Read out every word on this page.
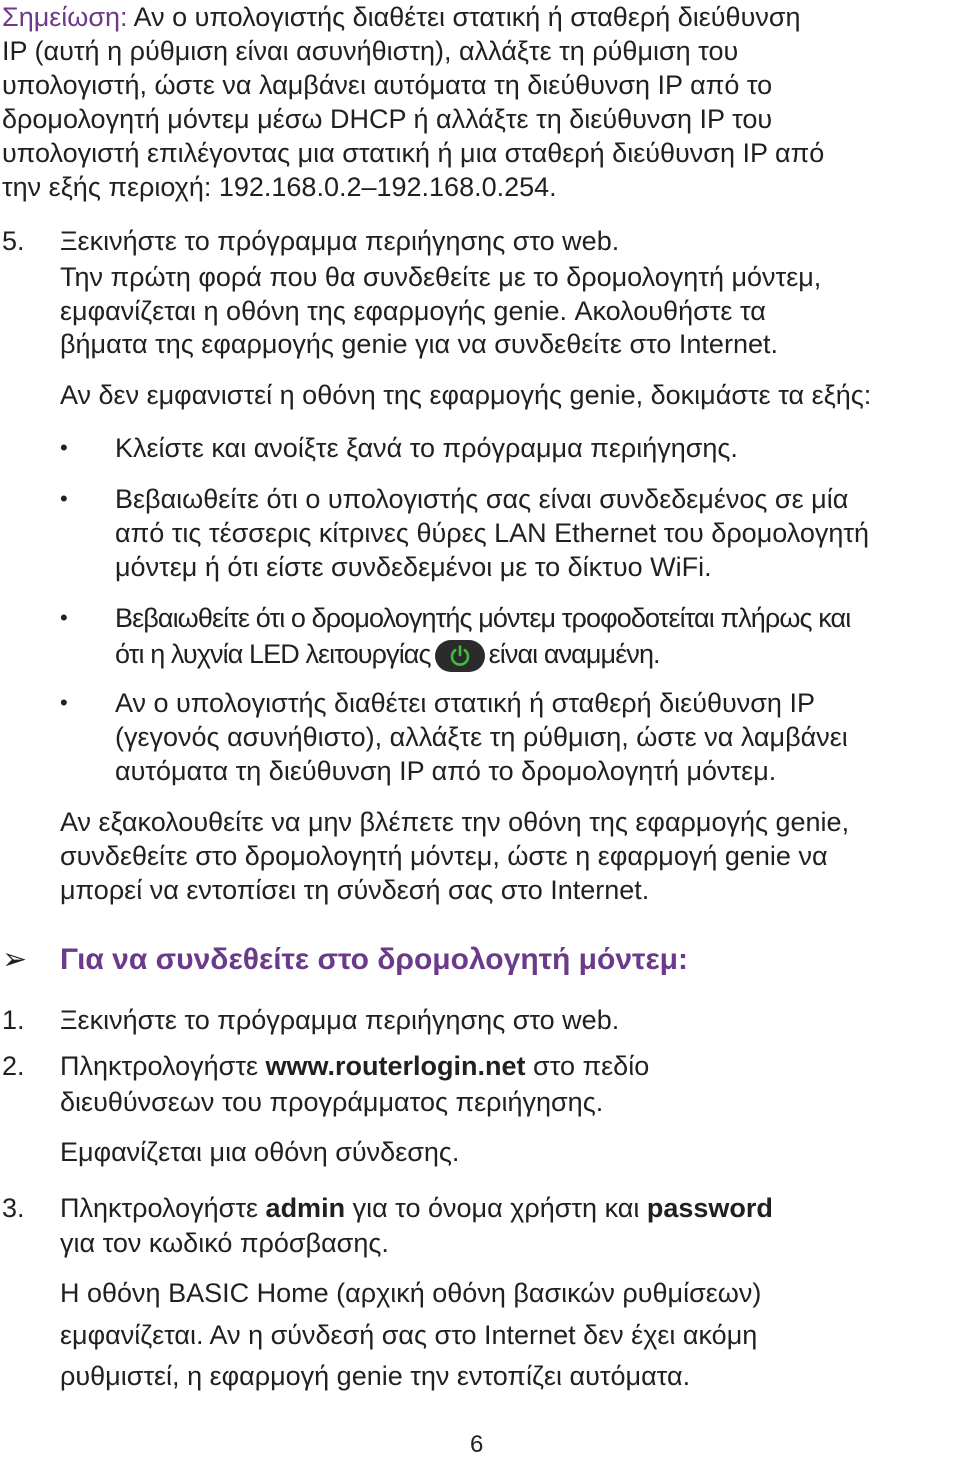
Σημείωση: Αν ο υπολογιστής διαθέτει στατική ή σταθερή διεύθυνση
IP (αυτή η ρύθμιση είναι ασυνήθιστη), αλλάξτε τη ρύθμιση του
υπολογιστή, ώστε να λαμβάνει αυτόματα τη διεύθυνση IP από το
δρομολογητή μόντεμ μέσω DHCP ή αλλάξτε τη διεύθυνση IP του
υπολογιστή επιλέγοντας μια στατική ή μια σταθερή διεύθυνση IP από
την εξής περιοχή: 192.168.0.2–192.168.0.254.
5. Ξεκινήστε το πρόγραμμα περιήγησης στο web.
Την πρώτη φορά που θα συνδεθείτε με το δρομολογητή μόντεμ,
εμφανίζεται η οθόνη της εφαρμογής genie. Ακολουθήστε τα
βήματα της εφαρμογής genie για να συνδεθείτε στο Internet.
Αν δεν εμφανιστεί η οθόνη της εφαρμογής genie, δοκιμάστε τα εξής:
• Κλείστε και ανοίξτε ξανά το πρόγραμμα περιήγησης.
• Βεβαιωθείτε ότι ο υπολογιστής σας είναι συνδεδεμένος σε μία
από τις τέσσερις κίτρινες θύρες LAN Ethernet του δρομολογητή
μόντεμ ή ότι είστε συνδεδεμένοι με το δίκτυο WiFi.
• Βεβαιωθείτε ότι ο δρομολογητής μόντεμ τροφοδοτείται πλήρως και
ότι η λυχνία LED λειτουργίας είναι αναμμένη.
• Αν ο υπολογιστής διαθέτει στατική ή σταθερή διεύθυνση IP
(γεγονός ασυνήθιστο), αλλάξτε τη ρύθμιση, ώστε να λαμβάνει
αυτόματα τη διεύθυνση IP από το δρομολογητή μόντεμ.
Αν εξακολουθείτε να μην βλέπετε την οθόνη της εφαρμογής genie,
συνδεθείτε στο δρομολογητή μόντεμ, ώστε η εφαρμογή genie να
μπορεί να εντοπίσει τη σύνδεσή σας στο Internet.
➢ Για να συνδεθείτε στο δρομολογητή μόντεμ:
1. Ξεκινήστε το πρόγραμμα περιήγησης στο web.
2. Πληκτρολογήστε www.routerlogin.net στο πεδίο
διευθύνσεων του προγράμματος περιήγησης.
Εμφανίζεται μια οθόνη σύνδεσης.
3. Πληκτρολογήστε admin για το όνομα χρήστη και password
για τον κωδικό πρόσβασης.
Η οθόνη BASIC Home (αρχική οθόνη βασικών ρυθμίσεων)
εμφανίζεται. Αν η σύνδεσή σας στο Internet δεν έχει ακόμη
ρυθμιστεί, η εφαρμογή genie την εντοπίζει αυτόματα.
6
